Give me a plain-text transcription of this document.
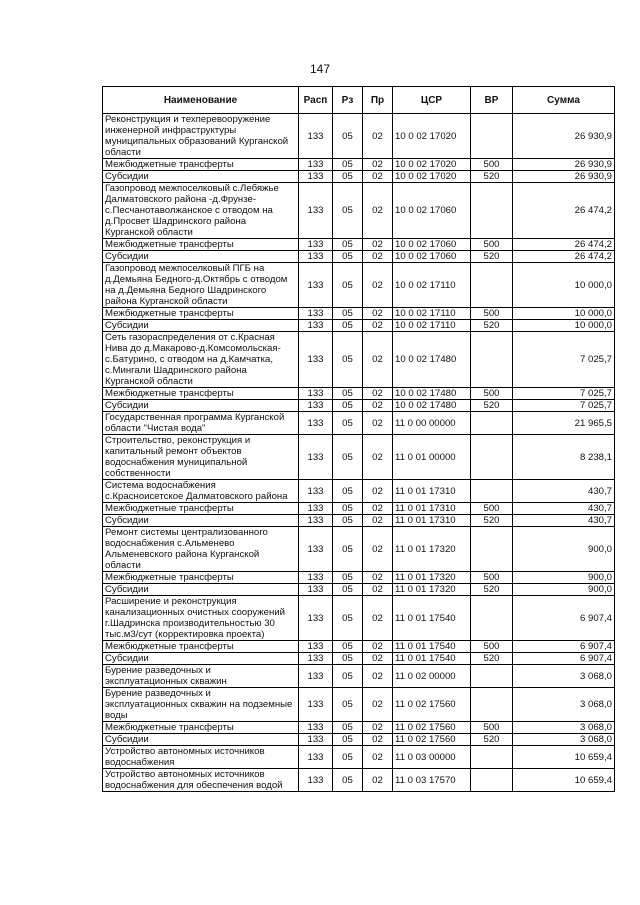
147
Наименование	Расп	Рз	Пр	ЦСР	ВР	Сумма
Реконструкция и техперевооружение инженерной инфраструктуры муниципальных образований Курганской области	133	05	02	10 0 02 17020		26 930,9
Межбюджетные трансферты	133	05	02	10 0 02 17020	500	26 930,9
Субсидии	133	05	02	10 0 02 17020	520	26 930,9
Газопровод межпоселковый с.Лебяжье Далматовского района -д.Фрунзе-с.Песчанотаволжанское с отводом на д.Просвет Шадринского района Курганской области	133	05	02	10 0 02 17060		26 474,2
Межбюджетные трансферты	133	05	02	10 0 02 17060	500	26 474,2
Субсидии	133	05	02	10 0 02 17060	520	26 474,2
Газопровод межпоселковый ПГБ на д.Демьяна Бедного-д.Октябрь с отводом на д.Демьяна Бедного Шадринского района Курганской области	133	05	02	10 0 02 17110		10 000,0
Межбюджетные трансферты	133	05	02	10 0 02 17110	500	10 000,0
Субсидии	133	05	02	10 0 02 17110	520	10 000,0
Сеть газораспределения от с.Красная Нива до д.Макарово-д.Комсомольская-с.Батурино, с отводом на д.Камчатка, с.Мингали Шадринского района Курганской области	133	05	02	10 0 02 17480		7 025,7
Межбюджетные трансферты	133	05	02	10 0 02 17480	500	7 025,7
Субсидии	133	05	02	10 0 02 17480	520	7 025,7
Государственная программа Курганской области "Чистая вода"	133	05	02	11 0 00 00000		21 965,5
Строительство, реконструкция и капитальный ремонт объектов водоснабжения муниципальной собственности	133	05	02	11 0 01 00000		8 238,1
Система водоснабжения с.Красноисетское Далматовского района	133	05	02	11 0 01 17310		430,7
Межбюджетные трансферты	133	05	02	11 0 01 17310	500	430,7
Субсидии	133	05	02	11 0 01 17310	520	430,7
Ремонт системы централизованного водоснабжения с.Альменево Альменевского района Курганской области	133	05	02	11 0 01 17320		900,0
Межбюджетные трансферты	133	05	02	11 0 01 17320	500	900,0
Субсидии	133	05	02	11 0 01 17320	520	900,0
Расширение и реконструкция канализационных очистных сооружений г.Шадринска производительностью 30 тыс.м3/сут (корректировка проекта)	133	05	02	11 0 01 17540		6 907,4
Межбюджетные трансферты	133	05	02	11 0 01 17540	500	6 907,4
Субсидии	133	05	02	11 0 01 17540	520	6 907,4
Бурение разведочных и эксплуатационных скважин	133	05	02	11 0 02 00000		3 068,0
Бурение разведочных и эксплуатационных скважин на подземные воды	133	05	02	11 0 02 17560		3 068,0
Межбюджетные трансферты	133	05	02	11 0 02 17560	500	3 068,0
Субсидии	133	05	02	11 0 02 17560	520	3 068,0
Устройство автономных источников водоснабжения	133	05	02	11 0 03 00000		10 659,4
Устройство автономных источников водоснабжения для обеспечения водой	133	05	02	11 0 03 17570		10 659,4
